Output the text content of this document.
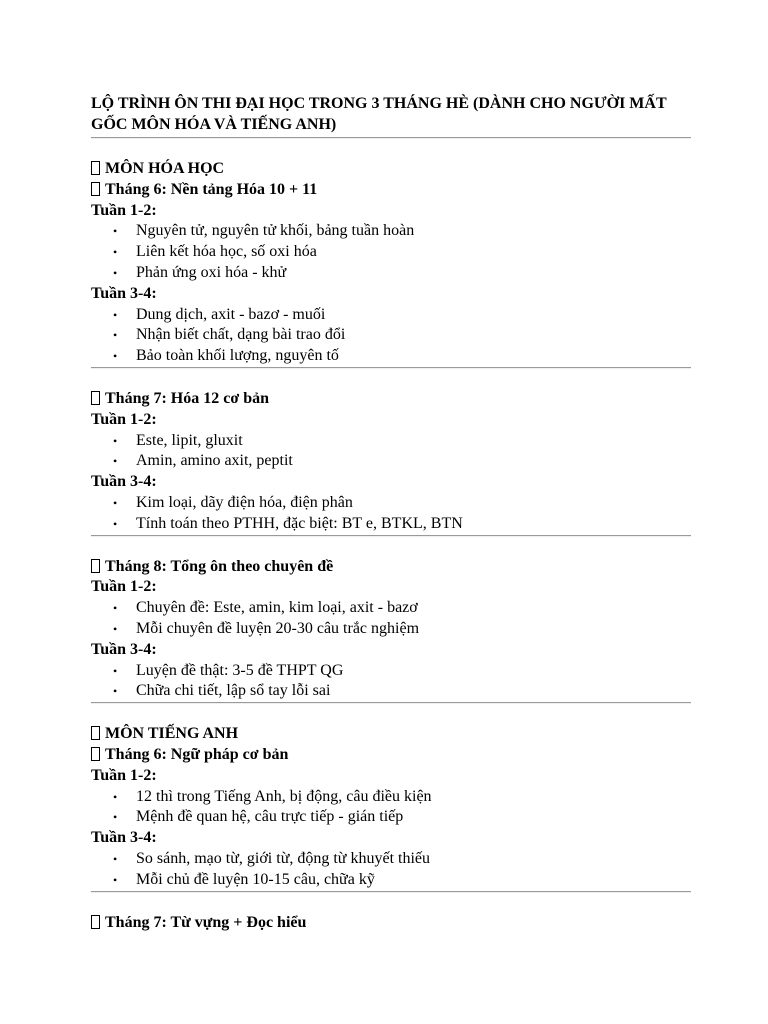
LỘ TRÌNH ÔN THI ĐẠI HỌC TRONG 3 THÁNG HÈ (DÀNH CHO NGƯỜI MẤT GỐC MÔN HÓA VÀ TIẾNG ANH)

MÔN HÓA HỌC

Tháng 6: Nền tảng Hóa 10 + 11

Tuần 1-2:

• Nguyên tử, nguyên tử khối, bảng tuần hoàn
• Liên kết hóa học, số oxi hóa
• Phản ứng oxi hóa - khử

Tuần 3-4:

• Dung dịch, axit - bazơ - muối
• Nhận biết chất, dạng bài trao đổi
• Bảo toàn khối lượng, nguyên tố

Tháng 7: Hóa 12 cơ bản

Tuần 1-2:

• Este, lipit, gluxit
• Amin, amino axit, peptit

Tuần 3-4:

• Kim loại, dãy điện hóa, điện phân
• Tính toán theo PTHH, đặc biệt: BT e, BTKL, BTN

Tháng 8: Tổng ôn theo chuyên đề

Tuần 1-2:

• Chuyên đề: Este, amin, kim loại, axit - bazơ
• Mỗi chuyên đề luyện 20-30 câu trắc nghiệm

Tuần 3-4:

• Luyện đề thật: 3-5 đề THPT QG
• Chữa chi tiết, lập sổ tay lỗi sai

MÔN TIẾNG ANH

Tháng 6: Ngữ pháp cơ bản

Tuần 1-2:

• 12 thì trong Tiếng Anh, bị động, câu điều kiện
• Mệnh đề quan hệ, câu trực tiếp - gián tiếp

Tuần 3-4:

• So sánh, mạo từ, giới từ, động từ khuyết thiếu
• Mỗi chủ đề luyện 10-15 câu, chữa kỹ

Tháng 7: Từ vựng + Đọc hiểu
